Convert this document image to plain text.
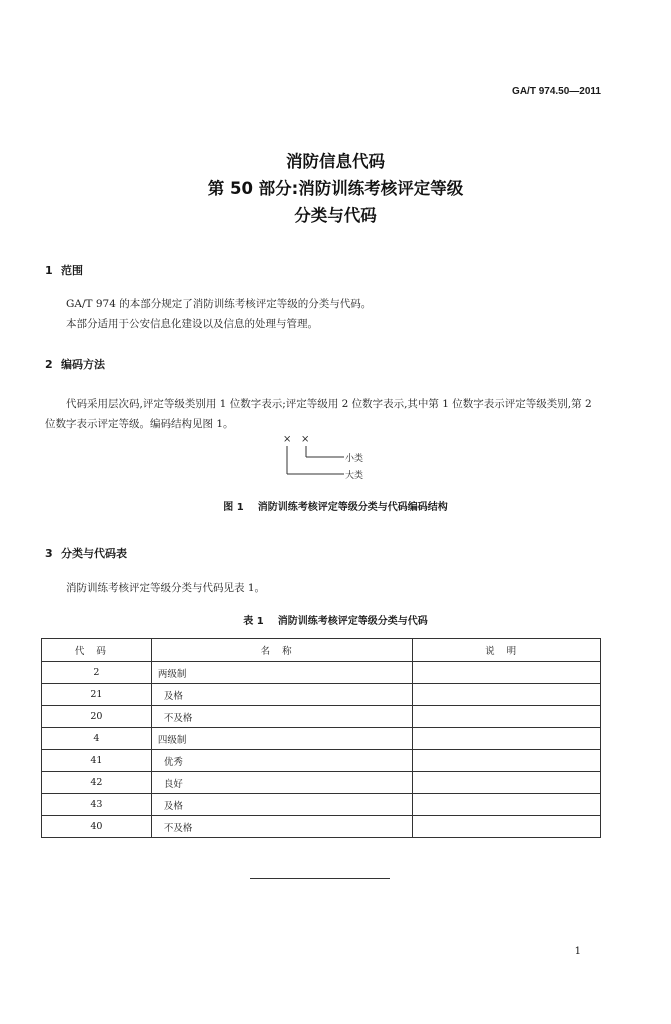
GA/T 974.50—2011
消防信息代码
第 50 部分:消防训练考核评定等级
分类与代码
1 范围
GA/T 974 的本部分规定了消防训练考核评定等级的分类与代码。
本部分适用于公安信息化建设以及信息的处理与管理。
2 编码方法
代码采用层次码,评定等级类别用 1 位数字表示;评定等级用 2 位数字表示,其中第 1 位数字表示评定等级类别,第 2 位数字表示评定等级。编码结构见图 1。
× ×
小类
大类
图 1 消防训练考核评定等级分类与代码编码结构
3 分类与代码表
消防训练考核评定等级分类与代码见表 1。
表 1 消防训练考核评定等级分类与代码
代码	名称	说明
2	两级制	
21	及格	
20	不及格	
4	四级制	
41	优秀	
42	良好	
43	及格	
40	不及格	
1
